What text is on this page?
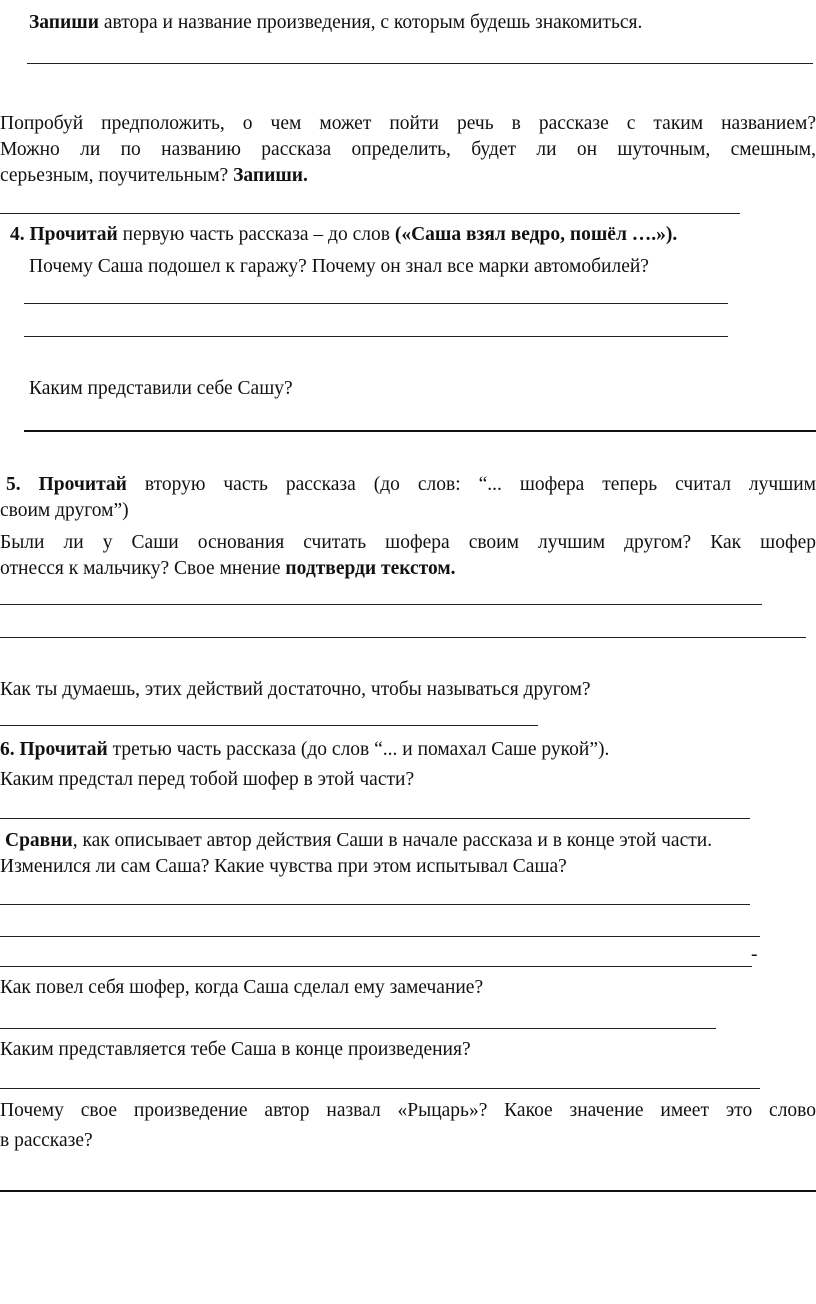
Запиши автора и название произведения, с которым будешь знакомиться.
Попробуй предположить, о чем может пойти речь в рассказе с таким названием?
Можно ли по названию рассказа определить, будет ли он шуточным, смешным,
серьезным, поучительным? Запиши.
4. Прочитай первую часть рассказа – до слов («Саша взял ведро, пошёл ….»).
Почему Саша подошел к гаражу? Почему он знал все марки автомобилей?
Каким представили себе Сашу?
5. Прочитай вторую часть рассказа (до слов: “... шофера теперь считал лучшим
своим другом”)
Были ли у Саши основания считать шофера своим лучшим другом? Как шофер
отнесся к мальчику? Свое мнение подтверди текстом.
Как ты думаешь, этих действий достаточно, чтобы называться другом?
6. Прочитай третью часть рассказа (до слов “... и помахал Саше рукой”).
Каким предстал перед тобой шофер в этой части?
Сравни, как описывает автор действия Саши в начале рассказа и в конце этой части.
Изменился ли сам Саша? Какие чувства при этом испытывал Саша?
-
Как повел себя шофер, когда Саша сделал ему замечание?
Каким представляется тебе Саша в конце произведения?
Почему свое произведение автор назвал «Рыцарь»? Какое значение имеет это слово
в рассказе?
